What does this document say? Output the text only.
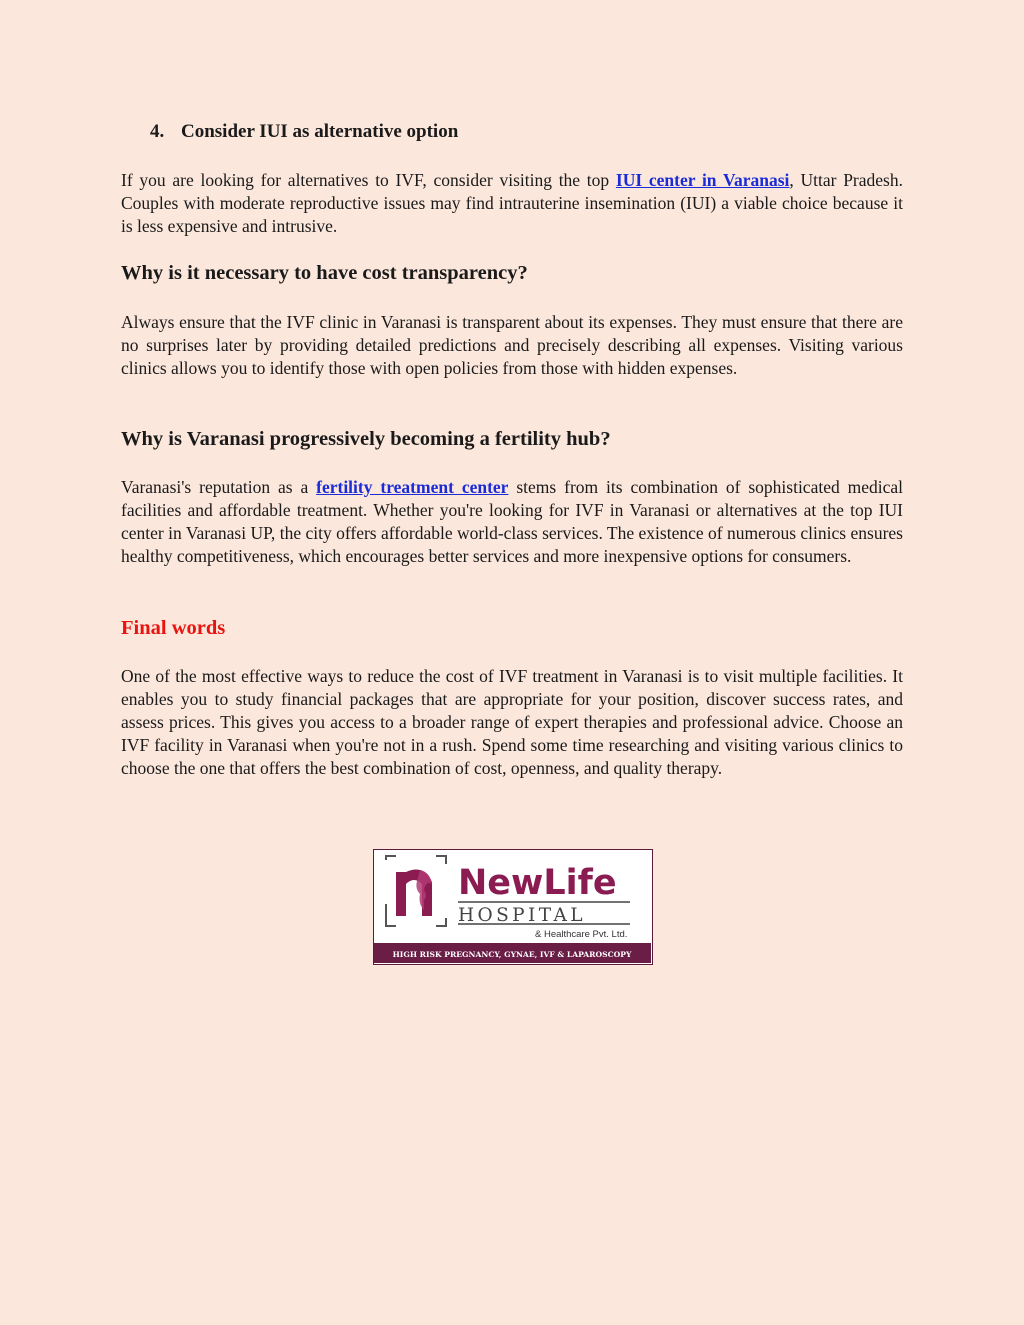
4. Consider IUI as alternative option

If you are looking for alternatives to IVF, consider visiting the top IUI center in Varanasi, Uttar Pradesh. Couples with moderate reproductive issues may find intrauterine insemination (IUI) a viable choice because it is less expensive and intrusive.

Why is it necessary to have cost transparency?

Always ensure that the IVF clinic in Varanasi is transparent about its expenses. They must ensure that there are no surprises later by providing detailed predictions and precisely describing all expenses. Visiting various clinics allows you to identify those with open policies from those with hidden expenses.

Why is Varanasi progressively becoming a fertility hub?

Varanasi's reputation as a fertility treatment center stems from its combination of sophisticated medical facilities and affordable treatment. Whether you're looking for IVF in Varanasi or alternatives at the top IUI center in Varanasi UP, the city offers affordable world-class services. The existence of numerous clinics ensures healthy competitiveness, which encourages better services and more inexpensive options for consumers.

Final words

One of the most effective ways to reduce the cost of IVF treatment in Varanasi is to visit multiple facilities. It enables you to study financial packages that are appropriate for your position, discover success rates, and assess prices. This gives you access to a broader range of expert therapies and professional advice. Choose an IVF facility in Varanasi when you're not in a rush. Spend some time researching and visiting various clinics to choose the one that offers the best combination of cost, openness, and quality therapy.

NewLife
HOSPITAL
& Healthcare Pvt. Ltd.
HIGH RISK PREGNANCY, GYNAE, IVF & LAPAROSCOPY
